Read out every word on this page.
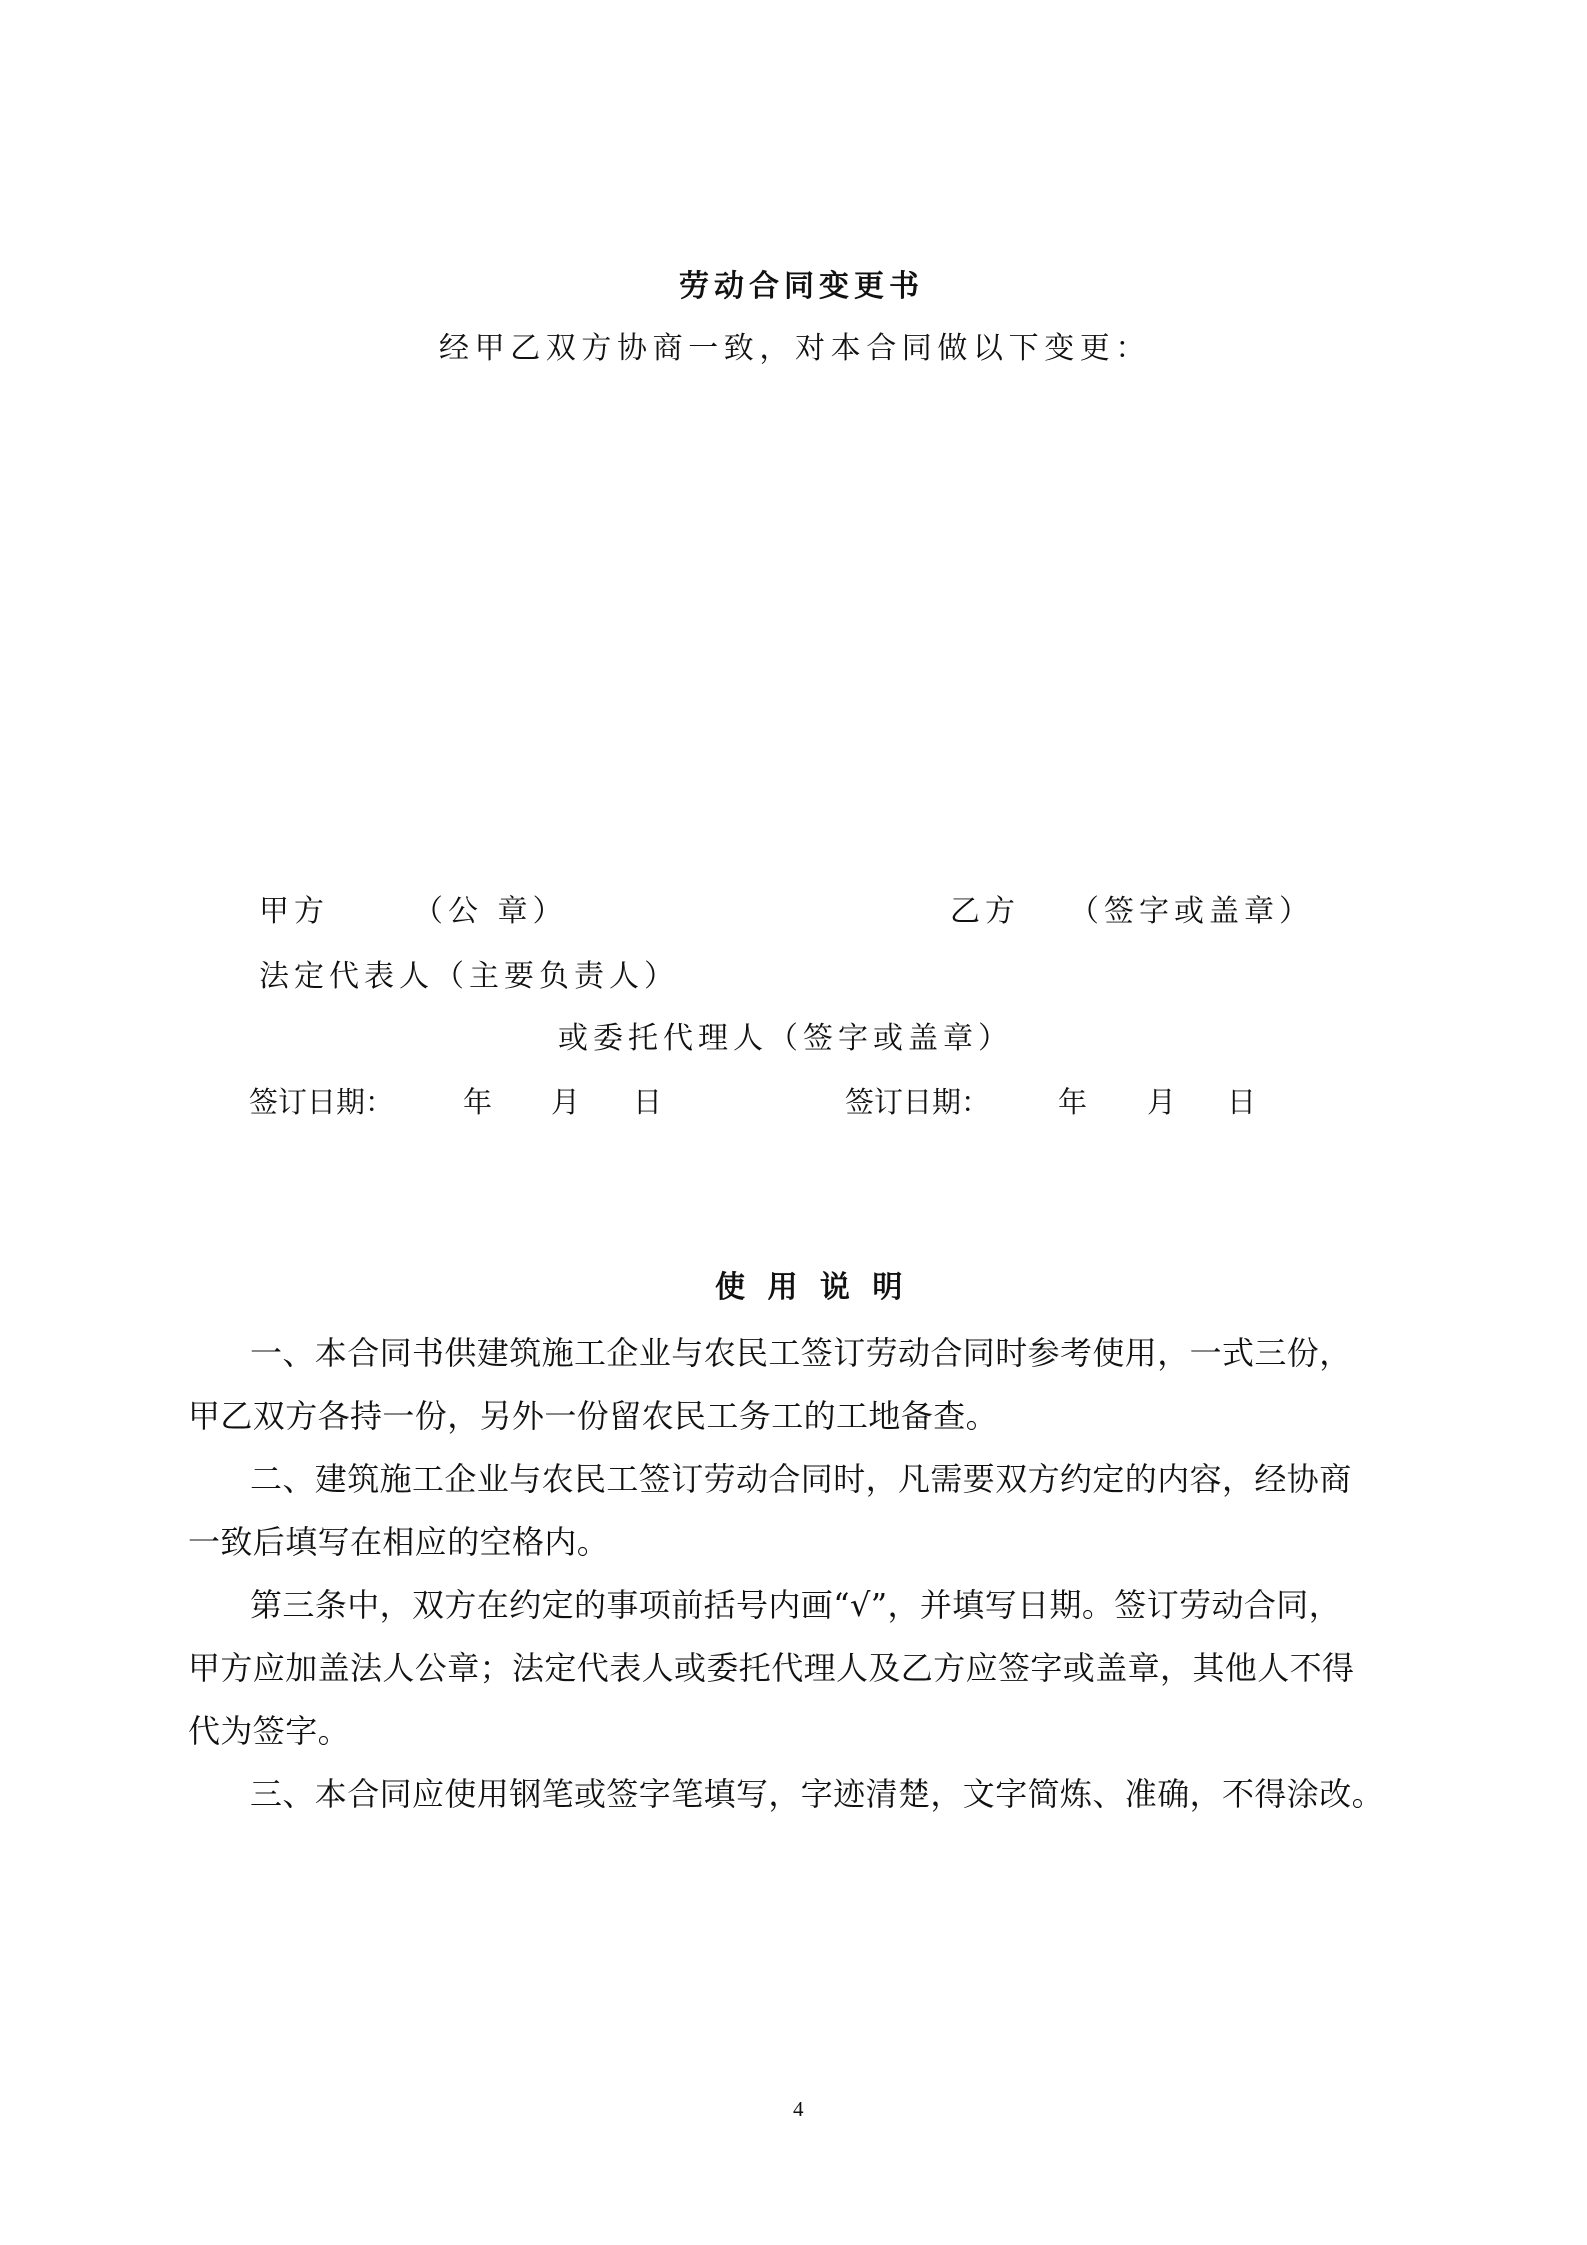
劳动合同变更书
经甲乙双方协商一致，对本合同做以下变更：
甲方	（公 章）	乙方 （签字或盖章）
法定代表人（主要负责人）
或委托代理人（签字或盖章）
签订日期： 年 月 日	签订日期： 年 月 日
使 用 说 明
一、本合同书供建筑施工企业与农民工签订劳动合同时参考使用，一式三份，
甲乙双方各持一份，另外一份留农民工务工的工地备查。
二、建筑施工企业与农民工签订劳动合同时，凡需要双方约定的内容，经协商
一致后填写在相应的空格内。
第三条中，双方在约定的事项前括号内画“√”，并填写日期。签订劳动合同，
甲方应加盖法人公章；法定代表人或委托代理人及乙方应签字或盖章，其他人不得
代为签字。
三、本合同应使用钢笔或签字笔填写，字迹清楚，文字简炼、准确，不得涂改。
4
